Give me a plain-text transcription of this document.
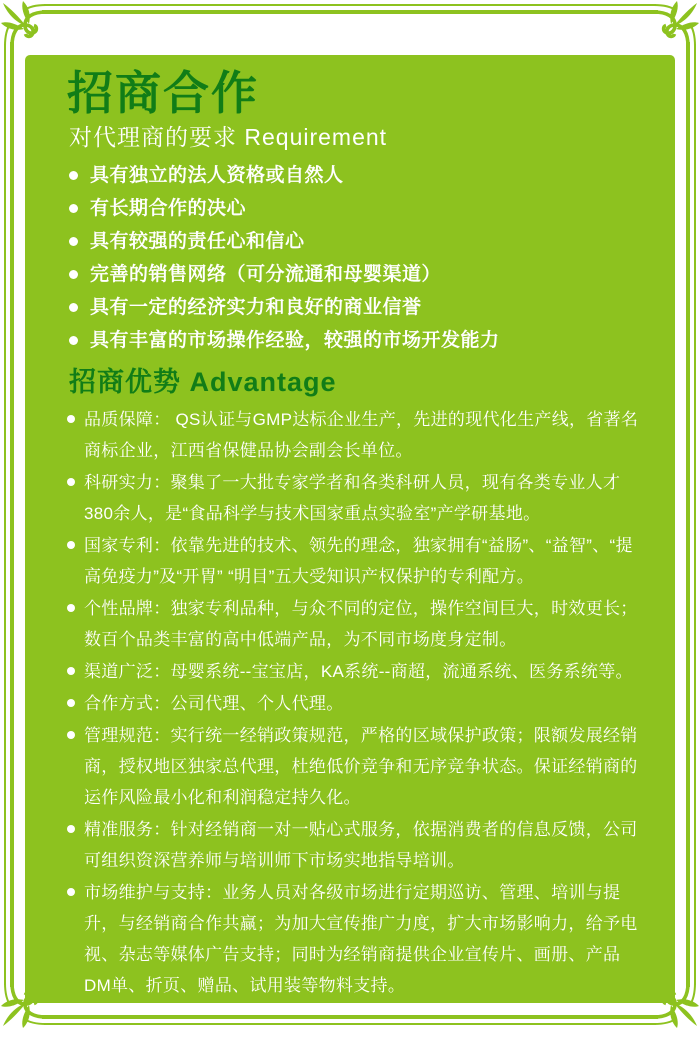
招商合作
对代理商的要求 Requirement
具有独立的法人资格或自然人
有长期合作的决心
具有较强的责任心和信心
完善的销售网络（可分流通和母婴渠道）
具有一定的经济实力和良好的商业信誉
具有丰富的市场操作经验，较强的市场开发能力
招商优势 Advantage
品质保障： QS认证与GMP达标企业生产，先进的现代化生产线，省著名商标企业，江西省保健品协会副会长单位。
科研实力：聚集了一大批专家学者和各类科研人员，现有各类专业人才380余人，是“食品科学与技术国家重点实验室”产学研基地。
国家专利：依靠先进的技术、领先的理念，独家拥有“益肠”、“益智”、“提高免疫力”及“开胃” “明目”五大受知识产权保护的专利配方。
个性品牌：独家专利品种，与众不同的定位，操作空间巨大，时效更长；数百个品类丰富的高中低端产品，为不同市场度身定制。
渠道广泛：母婴系统--宝宝店，KA系统--商超，流通系统、医务系统等。
合作方式：公司代理、个人代理。
管理规范：实行统一经销政策规范，严格的区域保护政策；限额发展经销商，授权地区独家总代理，杜绝低价竞争和无序竞争状态。保证经销商的 运作风险最小化和利润稳定持久化。
精准服务：针对经销商一对一贴心式服务，依据消费者的信息反馈，公司可组织资深营养师与培训师下市场实地指导培训。
市场维护与支持：业务人员对各级市场进行定期巡访、管理、培训与提升，与经销商合作共赢；为加大宣传推广力度，扩大市场影响力，给予电视、杂志等媒体广告支持；同时为经销商提供企业宣传片、画册、产品DM单、折页、赠品、试用装等物料支持。
